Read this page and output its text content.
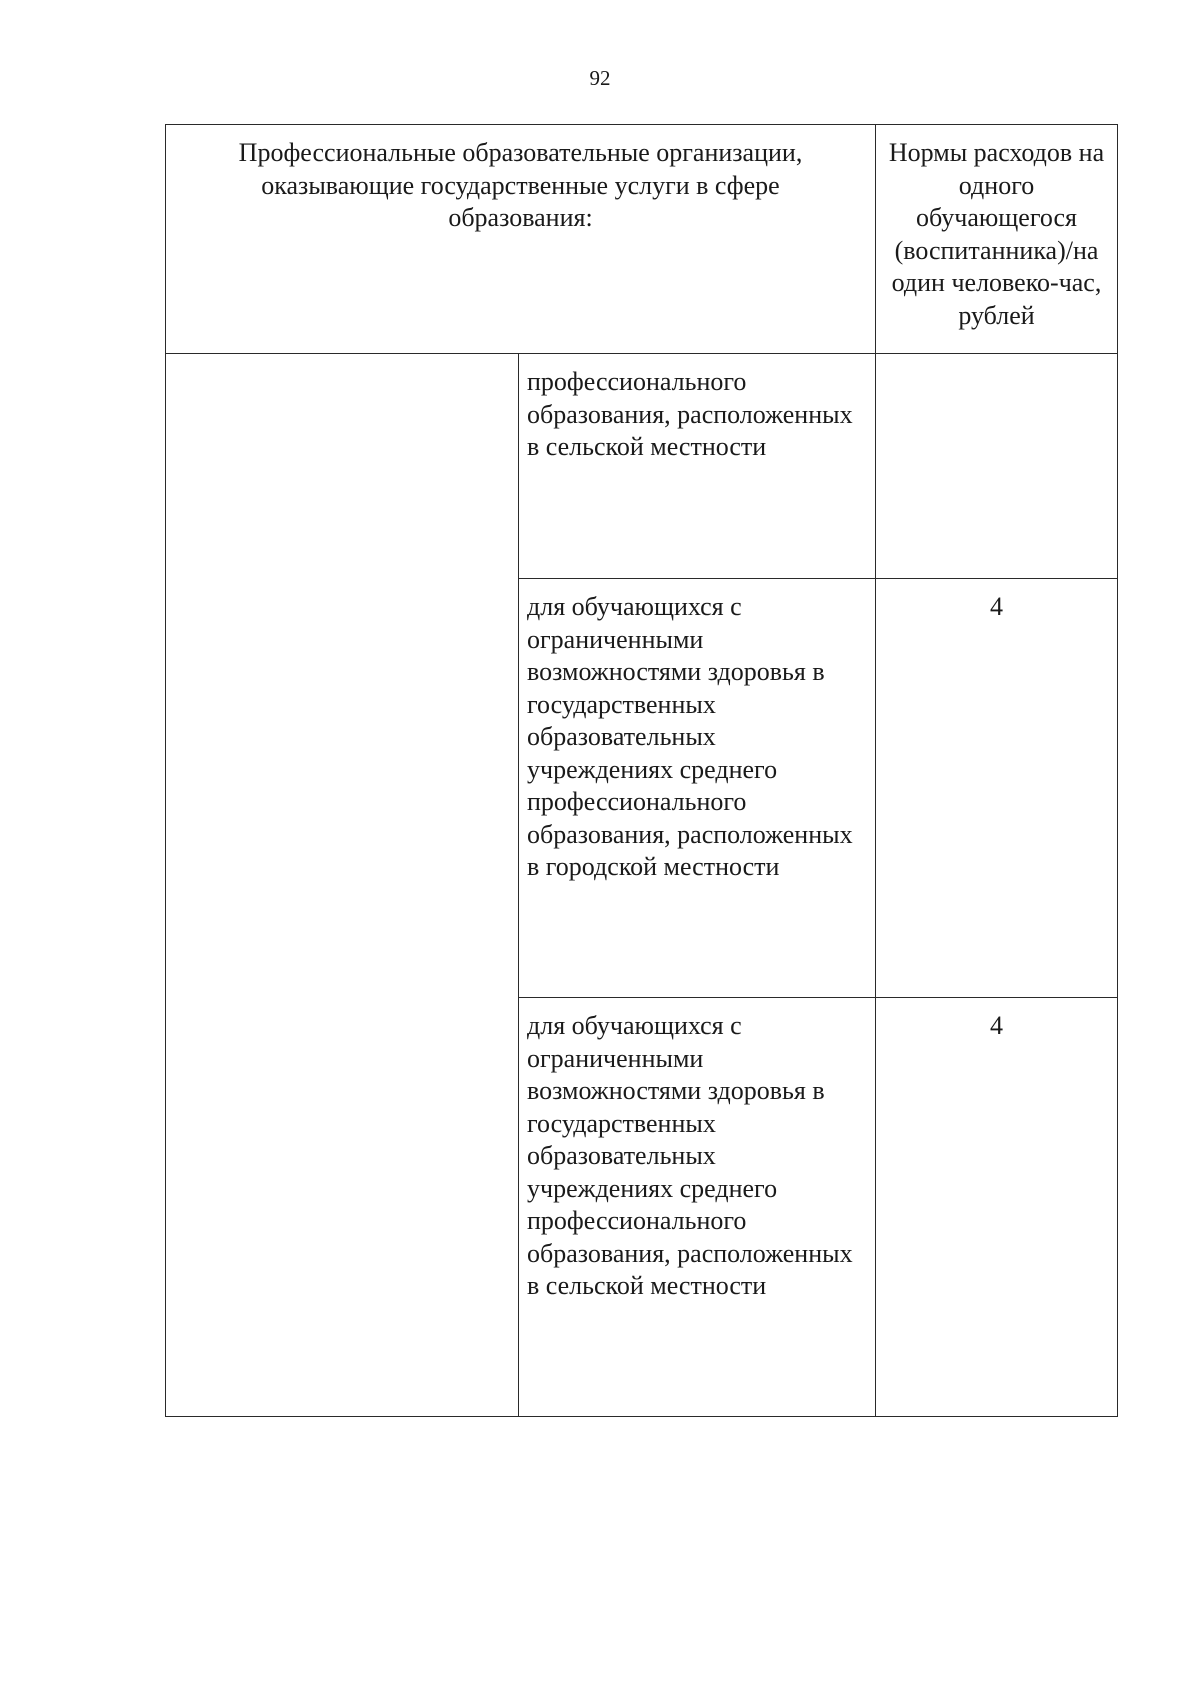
92
Профессиональные образовательные организации, оказывающие государственные услуги в сфере образования:		Нормы расходов на одного обучающегося (воспитанника)/на один человеко-час, рублей
	профессионального образования, расположенных в сельской местности	
	для обучающихся с ограниченными возможностями здоровья в государственных образовательных учреждениях среднего профессионального образования, расположенных в городской местности	4
	для обучающихся с ограниченными возможностями здоровья в государственных образовательных учреждениях среднего профессионального образования, расположенных в сельской местности	4
